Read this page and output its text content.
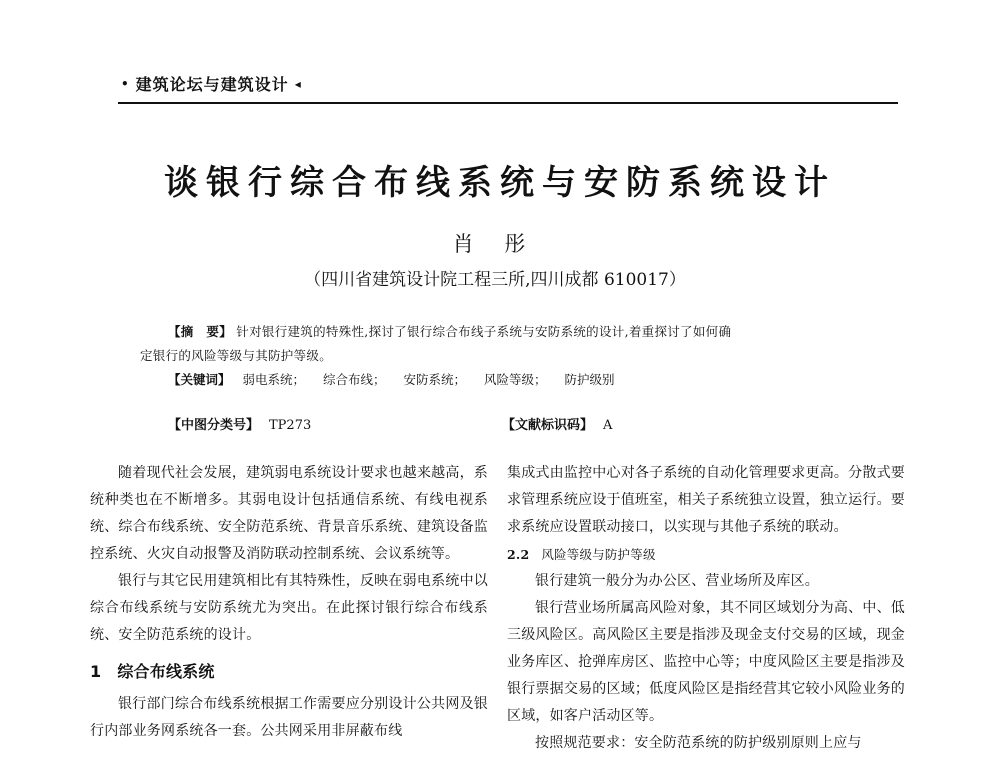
• 建筑论坛与建筑设计 ◂
谈银行综合布线系统与安防系统设计
肖 彤
（四川省建筑设计院工程三所,四川成都 610017）
【摘　要】 针对银行建筑的特殊性,探讨了银行综合布线子系统与安防系统的设计,着重探讨了如何确
定银行的风险等级与其防护等级。
【关键词】 弱电系统； 综合布线； 安防系统； 风险等级； 防护级别
【中图分类号】 TP273	【文献标识码】 A

随着现代社会发展，建筑弱电系统设计要求也越来越高，系统种类也在不断增多。其弱电设计包括通信系统、有线电视系统、综合布线系统、安全防范系统、背景音乐系统、建筑设备监控系统、火灾自动报警及消防联动控制系统、会议系统等。

银行与其它民用建筑相比有其特殊性，反映在弱电系统中以综合布线系统与安防系统尤为突出。在此探讨银行综合布线系统、安全防范系统的设计。

1 综合布线系统

银行部门综合布线系统根据工作需要应分别设计公共网及银行内部业务网系统各一套。公共网采用非屏蔽布线

集成式由监控中心对各子系统的自动化管理要求更高。分散式要求管理系统应设于值班室，相关子系统独立设置，独立运行。要求系统应设置联动接口，以实现与其他子系统的联动。

2.2 风险等级与防护等级

银行建筑一般分为办公区、营业场所及库区。

银行营业场所属高风险对象，其不同区域划分为高、中、低三级风险区。高风险区主要是指涉及现金支付交易的区域，现金业务库区、抢弹库房区、监控中心等；中度风险区主要是指涉及银行票据交易的区域；低度风险区是指经营其它较小风险业务的区域，如客户活动区等。

按照规范要求：安全防范系统的防护级别原则上应与
